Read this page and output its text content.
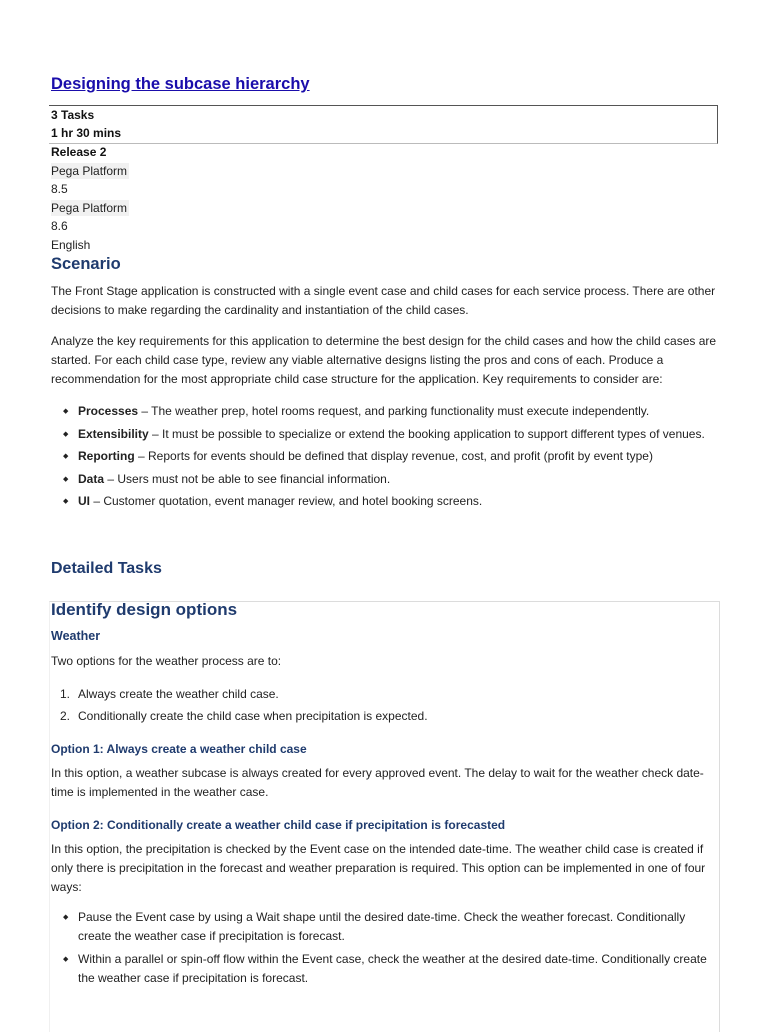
Designing the subcase hierarchy
3 Tasks
1 hr 30 mins
Release 2
Pega Platform
8.5
Pega Platform
8.6
English
Scenario

The Front Stage application is constructed with a single event case and child cases for each service process. There are other decisions to make regarding the cardinality and instantiation of the child cases.

Analyze the key requirements for this application to determine the best design for the child cases and how the child cases are started. For each child case type, review any viable alternative designs listing the pros and cons of each. Produce a recommendation for the most appropriate child case structure for the application. Key requirements to consider are:

◆ Processes – The weather prep, hotel rooms request, and parking functionality must execute independently.
◆ Extensibility – It must be possible to specialize or extend the booking application to support different types of venues.
◆ Reporting – Reports for events should be defined that display revenue, cost, and profit (profit by event type)
◆ Data – Users must not be able to see financial information.
◆ UI – Customer quotation, event manager review, and hotel booking screens.
Detailed Tasks
Identify design options
Weather

Two options for the weather process are to:

1. Always create the weather child case.
2. Conditionally create the child case when precipitation is expected.
Option 1: Always create a weather child case

In this option, a weather subcase is always created for every approved event. The delay to wait for the weather check date-time is implemented in the weather case.

Option 2: Conditionally create a weather child case if precipitation is forecasted

In this option, the precipitation is checked by the Event case on the intended date-time. The weather child case is created if only there is precipitation in the forecast and weather preparation is required. This option can be implemented in one of four ways:

◆ Pause the Event case by using a Wait shape until the desired date-time. Check the weather forecast. Conditionally create the weather case if precipitation is forecast.
◆ Within a parallel or spin-off flow within the Event case, check the weather at the desired date-time. Conditionally create the weather case if precipitation is forecast.
